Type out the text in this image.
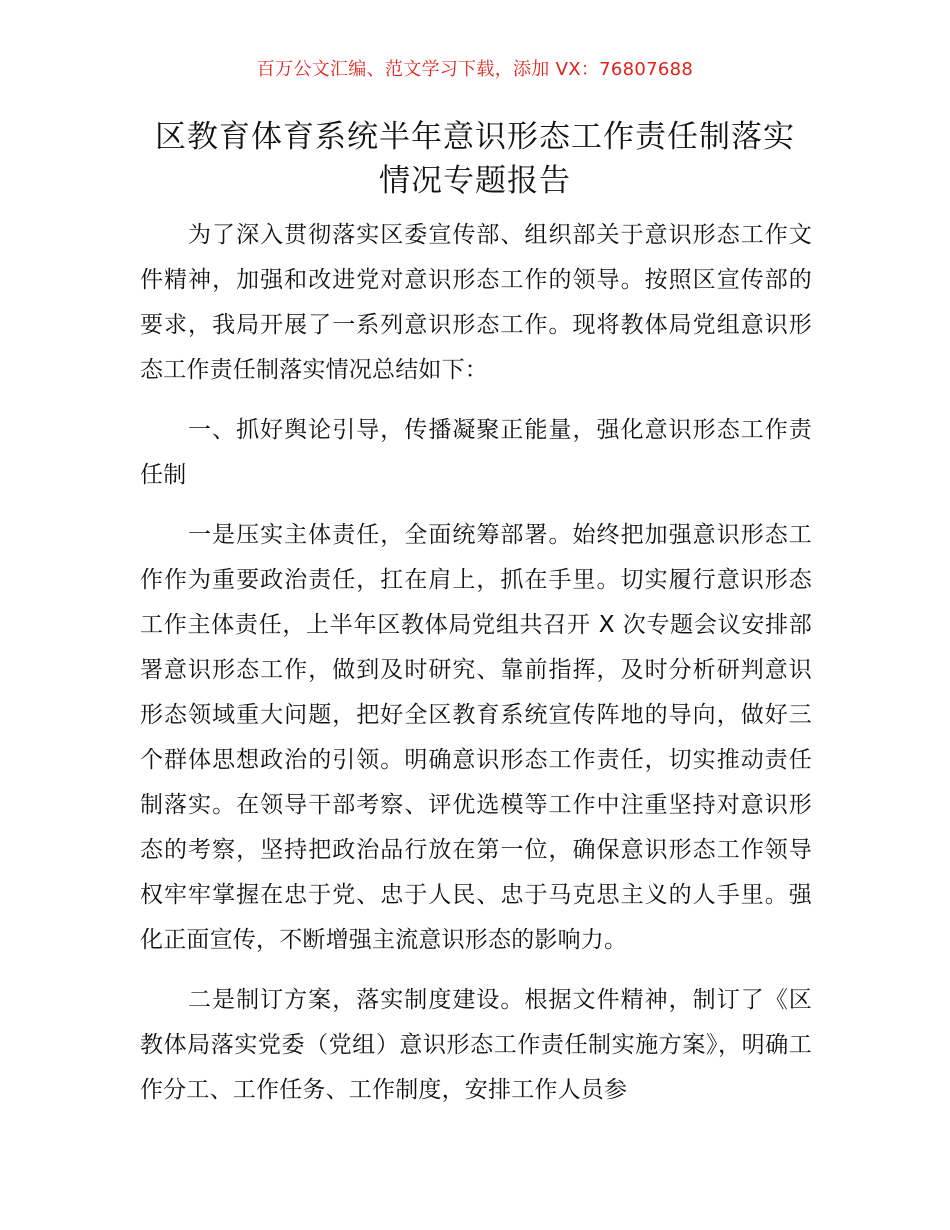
百万公文汇编、范文学习下载，添加 VX：76807688
区教育体育系统半年意识形态工作责任制落实
情况专题报告

为了深入贯彻落实区委宣传部、组织部关于意识形态工作文件精神，加强和改进党对意识形态工作的领导。按照区宣传部的要求，我局开展了一系列意识形态工作。现将教体局党组意识形态工作责任制落实情况总结如下：

一、抓好舆论引导，传播凝聚正能量，强化意识形态工作责任制

一是压实主体责任，全面统筹部署。始终把加强意识形态工作作为重要政治责任，扛在肩上，抓在手里。切实履行意识形态工作主体责任，上半年区教体局党组共召开 X 次专题会议安排部署意识形态工作，做到及时研究、靠前指挥，及时分析研判意识形态领域重大问题，把好全区教育系统宣传阵地的导向，做好三个群体思想政治的引领。明确意识形态工作责任，切实推动责任制落实。在领导干部考察、评优选模等工作中注重坚持对意识形态的考察，坚持把政治品行放在第一位，确保意识形态工作领导权牢牢掌握在忠于党、忠于人民、忠于马克思主义的人手里。强化正面宣传，不断增强主流意识形态的影响力。

二是制订方案，落实制度建设。根据文件精神，制订了《区教体局落实党委（党组）意识形态工作责任制实施方案》，明确工作分工、工作任务、工作制度，安排工作人员参
